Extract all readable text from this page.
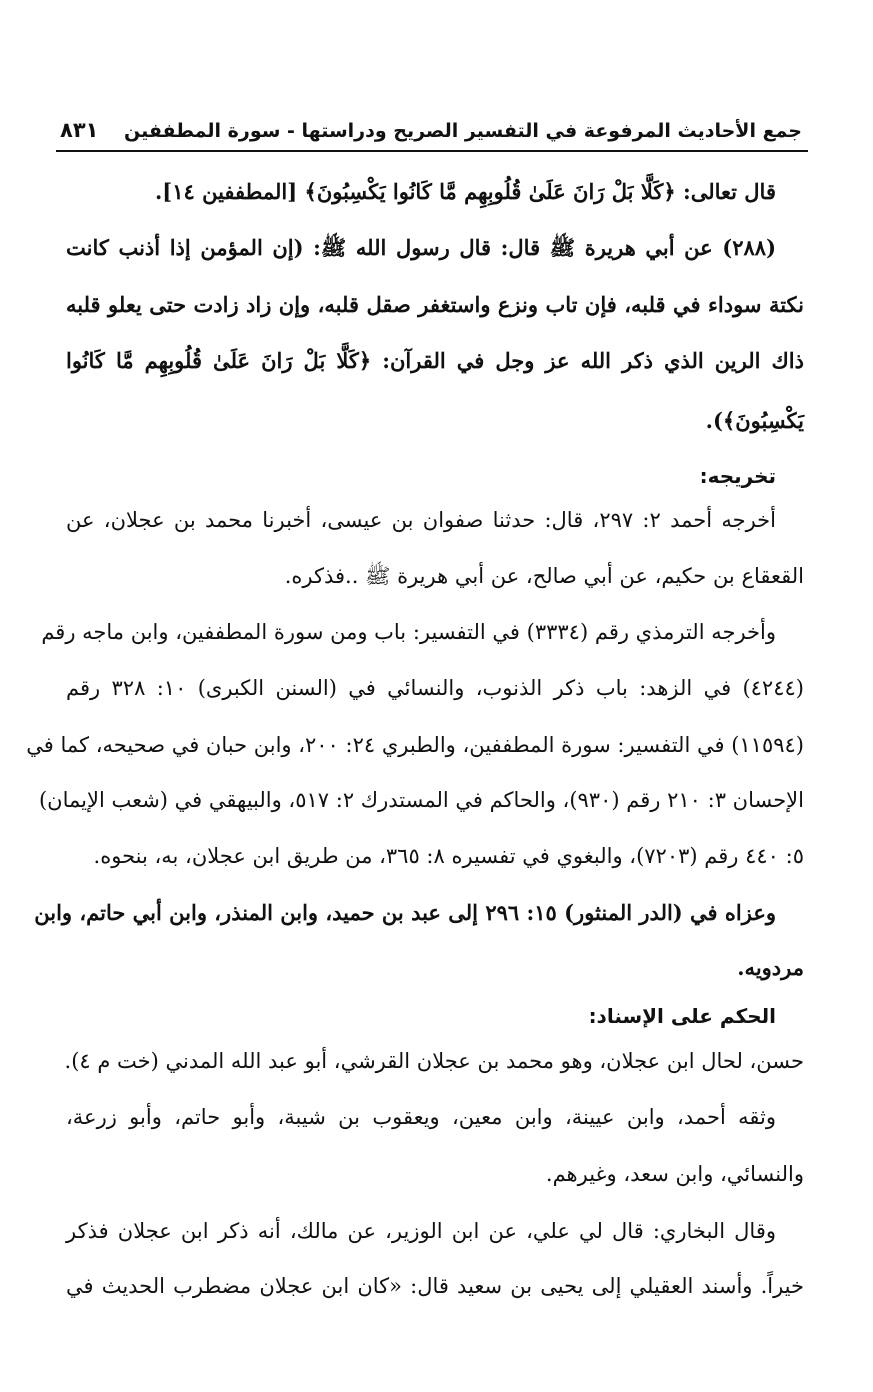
جمع الأحاديث المرفوعة في التفسير الصريح ودراستها - سورة المطففين
٨٣١
قال تعالى: ﴿كَلَّا بَلْ رَانَ عَلَىٰ قُلُوبِهِم مَّا كَانُوا يَكْسِبُونَ﴾ [المطففين ١٤].
(٢٨٨) عن أبي هريرة ﷺ قال: قال رسول الله ﷺ: (إن المؤمن إذا أذنب كانت
نكتة سوداء في قلبه، فإن تاب ونزع واستغفر صقل قلبه، وإن زاد زادت حتى يعلو قلبه
ذاك الرين الذي ذكر الله عز وجل في القرآن: ﴿كَلَّا بَلْ رَانَ عَلَىٰ قُلُوبِهِم مَّا كَانُوا
يَكْسِبُونَ﴾).
تخريجه:
أخرجه أحمد ٢: ٢٩٧، قال: حدثنا صفوان بن عيسى، أخبرنا محمد بن عجلان، عن
القعقاع بن حكيم، عن أبي صالح، عن أبي هريرة ﷺ ..فذكره.
وأخرجه الترمذي رقم (٣٣٣٤) في التفسير: باب ومن سورة المطففين، وابن ماجه رقم
(٤٢٤٤) في الزهد: باب ذكر الذنوب، والنسائي في (السنن الكبرى) ١٠: ٣٢٨ رقم
(١١٥٩٤) في التفسير: سورة المطففين، والطبري ٢٤: ٢٠٠، وابن حبان في صحيحه، كما في
الإحسان ٣: ٢١٠ رقم (٩٣٠)، والحاكم في المستدرك ٢: ٥١٧، والبيهقي في (شعب الإيمان)
٥: ٤٤٠ رقم (٧٢٠٣)، والبغوي في تفسيره ٨: ٣٦٥، من طريق ابن عجلان، به، بنحوه.
وعزاه في (الدر المنثور) ١٥: ٢٩٦ إلى عبد بن حميد، وابن المنذر، وابن أبي حاتم، وابن
مردويه.
الحكم على الإسناد:
حسن، لحال ابن عجلان، وهو محمد بن عجلان القرشي، أبو عبد الله المدني (خت م ٤).
وثقه أحمد، وابن عيينة، وابن معين، ويعقوب بن شيبة، وأبو حاتم، وأبو زرعة،
والنسائي، وابن سعد، وغيرهم.
وقال البخاري: قال لي علي، عن ابن الوزير، عن مالك، أنه ذكر ابن عجلان فذكر
خيراً. وأسند العقيلي إلى يحيى بن سعيد قال: «كان ابن عجلان مضطرب الحديث في
